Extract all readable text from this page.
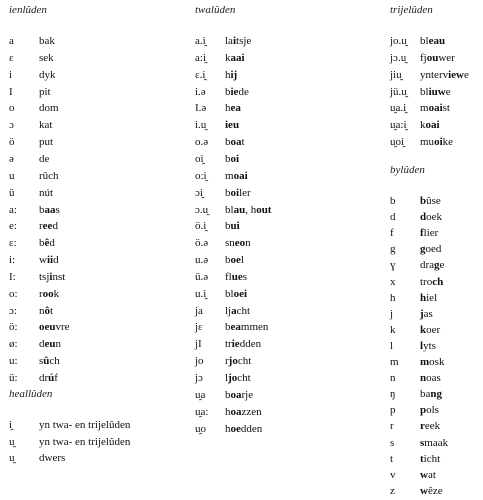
ienlûden
a bak
ɛ sek
i dyk
I pit
o dom
ɔ kat
ö put
ə de
u rûch
ü nút
a: baas
e: reed
ɛ: bêd
i: wiid
I: tsjinst
o: rook
ɔ: nôt
ö: oeuvre
ø: deun
u: sûch
ü: drúf
heallûden
i̯ yn twa- en trijelûden
u̯ yn twa- en trijelûden
u̯ dwers
twalûden
a.i̯ laitsje
a:i̯ kaai
ɛ.i̯ hij
i.ə biede
I.ə hea
i.u̯ ieu
o.ə boat
oi̯ boi
o:i̯ moai
ɔi̯ boiler
ɔ.u̯ blau, hout
ö.i̯ bui
ö.ə sneon
u.ə boel
ü.ə flues
u.i̯ bloei
ja ljacht
jɛ beammen
jI triedden
jo rjocht
jɔ ljocht
u̯a boarje
u̯a: hoazzen
u̯o hoedden
trijelûden
jo.u̯ bleau
jɔ.u̯ fjouwer
jiu̯ ynterviewe
jü.u̯ bliuwe
u̯a.i̯ moaist
u̯a:i̯ koai
u̯oi̯ muoike
bylûden
b bûse
d doek
f flier
g goed
ɣ drage
x troch
h hiel
j jas
k koer
l lyts
m mosk
n noas
ŋ bang
p pols
r reek
s smaak
t ticht
v wat
z wêze
